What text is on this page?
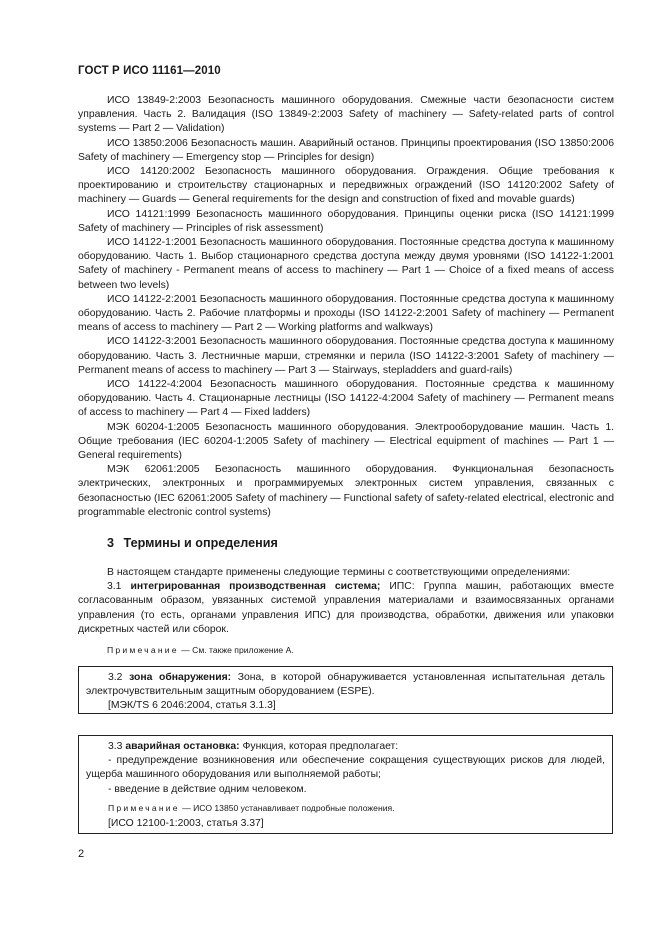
ГОСТ Р ИСО 11161—2010

ИСО 13849-2:2003 Безопасность машинного оборудования. Смежные части безопасности систем управления. Часть 2. Валидация (ISO 13849-2:2003 Safety of machinery — Safety-related parts of control systems — Part 2 — Validation)

ИСО 13850:2006 Безопасность машин. Аварийный останов. Принципы проектирования (ISO 13850:2006 Safety of machinery — Emergency stop — Principles for design)

ИСО 14120:2002 Безопасность машинного оборудования. Ограждения. Общие требования к проектированию и строительству стационарных и передвижных ограждений (ISO 14120:2002 Safety of machinery — Guards — General requirements for the design and construction of fixed and movable guards)

ИСО 14121:1999 Безопасность машинного оборудования. Принципы оценки риска (ISO 14121:1999 Safety of machinery — Principles of risk assessment)

ИСО 14122-1:2001 Безопасность машинного оборудования. Постоянные средства доступа к машинному оборудованию. Часть 1. Выбор стационарного средства доступа между двумя уровнями (ISO 14122-1:2001 Safety of machinery - Permanent means of access to machinery — Part 1 — Choice of a fixed means of access between two levels)

ИСО 14122-2:2001 Безопасность машинного оборудования. Постоянные средства доступа к машинному оборудованию. Часть 2. Рабочие платформы и проходы (ISO 14122-2:2001 Safety of machinery — Permanent means of access to machinery — Part 2 — Working platforms and walkways)

ИСО 14122-3:2001 Безопасность машинного оборудования. Постоянные средства доступа к машинному оборудованию. Часть 3. Лестничные марши, стремянки и перила (ISO 14122-3:2001 Safety of machinery — Permanent means of access to machinery — Part 3 — Stairways, stepladders and guard-rails)

ИСО 14122-4:2004 Безопасность машинного оборудования. Постоянные средства к машинному оборудованию. Часть 4. Стационарные лестницы (ISO 14122-4:2004 Safety of machinery — Permanent means of access to machinery — Part 4 — Fixed ladders)

МЭК 60204-1:2005 Безопасность машинного оборудования. Электрооборудование машин. Часть 1. Общие требования (IEC 60204-1:2005 Safety of machinery — Electrical equipment of machines — Part 1 — General requirements)

МЭК 62061:2005 Безопасность машинного оборудования. Функциональная безопасность электрических, электронных и программируемых электронных систем управления, связанных с безопасностью (IEC 62061:2005 Safety of machinery — Functional safety of safety-related electrical, electronic and programmable electronic control systems)

3 Термины и определения

В настоящем стандарте применены следующие термины с соответствующими определениями:

3.1 интегрированная производственная система; ИПС: Группа машин, работающих вместе согласованным образом, увязанных системой управления материалами и взаимосвязанных органами управления (то есть, органами управления ИПС) для производства, обработки, движения или упаковки дискретных частей или сборок.

Примечание — См. также приложение А.

3.2 зона обнаружения: Зона, в которой обнаруживается установленная испытательная деталь электрочувствительным защитным оборудованием (ESPE).

[МЭК/TS 6 2046:2004, статья 3.1.3]

3.3 аварийная остановка: Функция, которая предполагает:

- предупреждение возникновения или обеспечение сокращения существующих рисков для людей, ущерба машинного оборудования или выполняемой работы;

- введение в действие одним человеком.

Примечание — ИСО 13850 устанавливает подробные положения.

[ИСО 12100-1:2003, статья 3.37]

2
